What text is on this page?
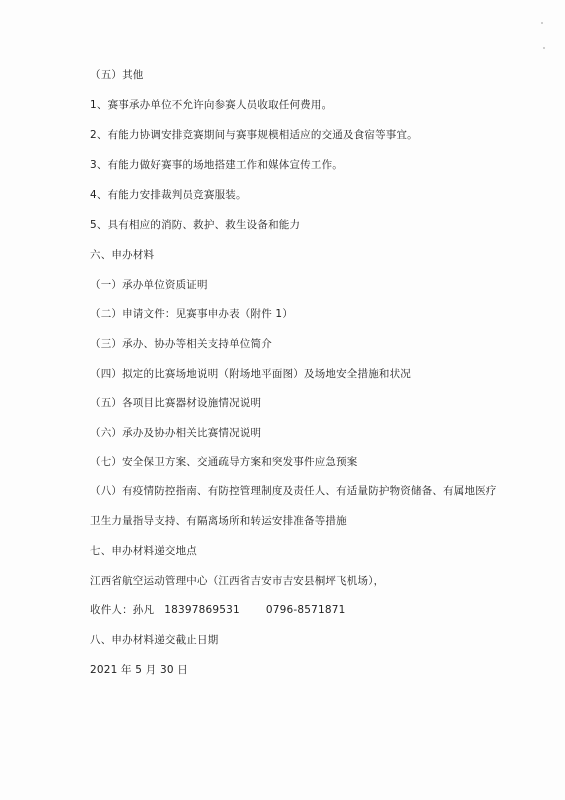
（五）其他

1、赛事承办单位不允许向参赛人员收取任何费用。

2、有能力协调安排竞赛期间与赛事规模相适应的交通及食宿等事宜。

3、有能力做好赛事的场地搭建工作和媒体宣传工作。

4、有能力安排裁判员竞赛服装。

5、具有相应的消防、救护、救生设备和能力

六、申办材料

（一）承办单位资质证明

（二）申请文件：见赛事申办表（附件 1）

（三）承办、协办等相关支持单位简介

（四）拟定的比赛场地说明（附场地平面图）及场地安全措施和状况

（五）各项目比赛器材设施情况说明

（六）承办及协办相关比赛情况说明

（七）安全保卫方案、交通疏导方案和突发事件应急预案

（八）有疫情防控指南、有防控管理制度及责任人、有适量防护物资储备、有属地医疗卫生力量指导支持、有隔离场所和转运安排准备等措施

七、申办材料递交地点

江西省航空运动管理中心（江西省吉安市吉安县桐坪飞机场），

收件人：孙凡 18397869531 0796-8571871

八、申办材料递交截止日期

2021 年 5 月 30 日
